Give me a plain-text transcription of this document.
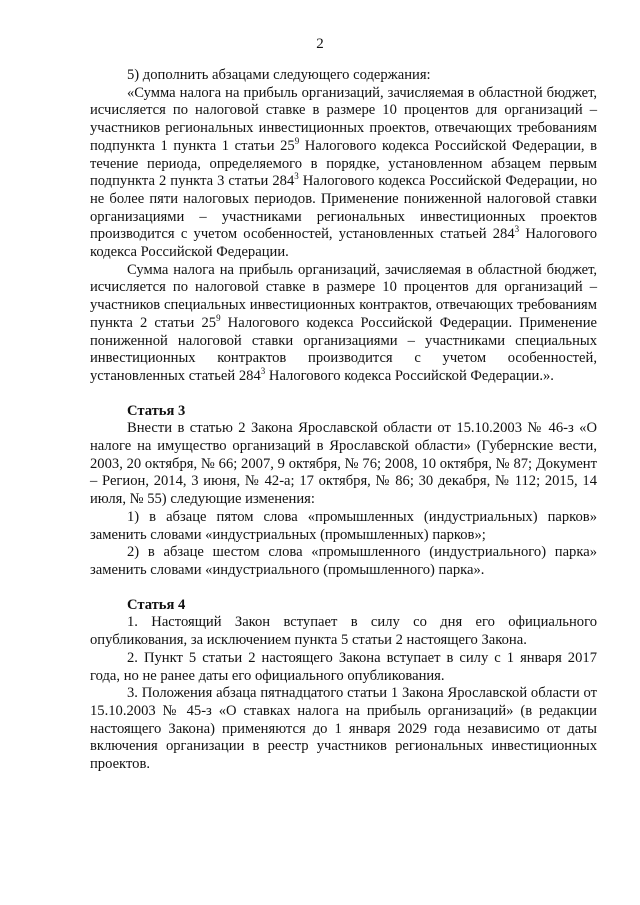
2

5) дополнить абзацами следующего содержания:

«Сумма налога на прибыль организаций, зачисляемая в областной бюджет, исчисляется по налоговой ставке в размере 10 процентов для организаций – участников региональных инвестиционных проектов, отвечающих требованиям подпункта 1 пункта 1 статьи $25^9$ Налогового кодекса Российской Федерации, в течение периода, определяемого в порядке, установленном абзацем первым подпункта 2 пункта 3 статьи $284^3$ Налогового кодекса Российской Федерации, но не более пяти налоговых периодов. Применение пониженной налоговой ставки организациями – участниками региональных инвестиционных проектов производится с учетом особенностей, установленных статьей $284^3$ Налогового кодекса Российской Федерации.

Сумма налога на прибыль организаций, зачисляемая в областной бюджет, исчисляется по налоговой ставке в размере 10 процентов для организаций – участников специальных инвестиционных контрактов, отвечающих требованиям пункта 2 статьи $25^9$ Налогового кодекса Российской Федерации. Применение пониженной налоговой ставки организациями – участниками специальных инвестиционных контрактов производится с учетом особенностей, установленных статьей $284^3$ Налогового кодекса Российской Федерации.».

Статья 3

Внести в статью 2 Закона Ярославской области от 15.10.2003 № 46-з «О налоге на имущество организаций в Ярославской области» (Губернские вести, 2003, 20 октября, № 66; 2007, 9 октября, № 76; 2008, 10 октября, № 87; Документ – Регион, 2014, 3 июня, № 42-а; 17 октября, № 86; 30 декабря, № 112; 2015, 14 июля, № 55) следующие изменения:

1) в абзаце пятом слова «промышленных (индустриальных) парков» заменить словами «индустриальных (промышленных) парков»;

2) в абзаце шестом слова «промышленного (индустриального) парка» заменить словами «индустриального (промышленного) парка».

Статья 4

1. Настоящий Закон вступает в силу со дня его официального опубликования, за исключением пункта 5 статьи 2 настоящего Закона.

2. Пункт 5 статьи 2 настоящего Закона вступает в силу с 1 января 2017 года, но не ранее даты его официального опубликования.

3. Положения абзаца пятнадцатого статьи 1 Закона Ярославской области от 15.10.2003 № 45-з «О ставках налога на прибыль организаций» (в редакции настоящего Закона) применяются до 1 января 2029 года независимо от даты включения организации в реестр участников региональных инвестиционных проектов.
